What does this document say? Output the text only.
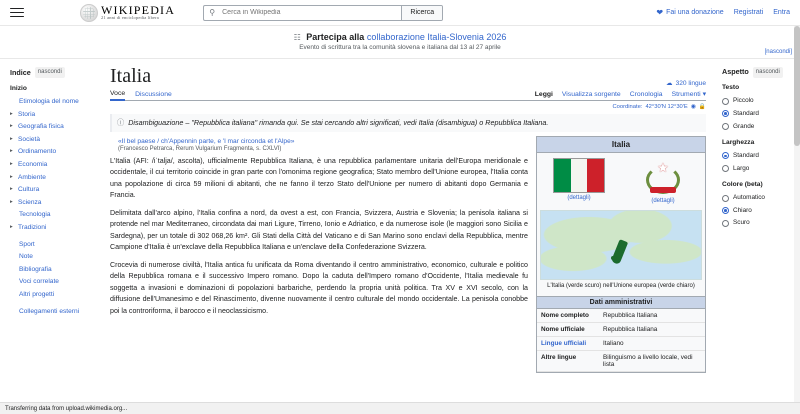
WIKIPEDIA
21 anni di enciclopedia libera
⚲
Cerca in Wikipedia	Ricerca	❤ Fai una donazione Registrati Entra
☷ Partecipa alla collaborazione Italia-Slovenia 2026
Evento di scrittura tra la comunità slovena e italiana dal 13 al 27 aprile
[nascondi]
Indice	nascondi
Inizio
Etimologia del nome
▸ Storia
▸ Geografia fisica
▸ Società
▸ Ordinamento
▸ Economia
▸ Ambiente
▸ Cultura
▸ Scienza
Tecnologia
▸ Tradizioni
Sport
Note
Bibliografia
Voci correlate
Altri progetti
Collegamenti esterni
Italia	☁ 320 lingue
Voce Discussione	Leggi Visualizza sorgente Cronologia Strumenti ▾
Coordinate: 42°30′N 12°30′E ◉ 🔒
ⓘ Disambiguazione – "Repubblica italiana" rimanda qui. Se stai cercando altri significati, vedi Italia (disambigua) o Repubblica Italiana.
«Il bel paese / ch'Appennin parte, e 'l mar circonda et l'Alpe»
(Francesco Petrarca, Rerum Vulgarium Fragmenta, s. CXLVI)

L'Italia (AFI: /iˈtalja/, ascolta), ufficialmente Repubblica Italiana, è una repubblica parlamentare unitaria dell'Europa meridionale e occidentale, il cui territorio coincide in gran parte con l'omonima regione geografica; Stato membro dell'Unione europea, l'Italia conta una popolazione di circa 59 milioni di abitanti, che ne fanno il terzo Stato dell'Unione per numero di abitanti dopo Germania e Francia.

Delimitata dall'arco alpino, l'Italia confina a nord, da ovest a est, con Francia, Svizzera, Austria e Slovenia; la penisola italiana si protende nel mar Mediterraneo, circondata dai mari Ligure, Tirreno, Ionio e Adriatico, e da numerose isole (le maggiori sono Sicilia e Sardegna), per un totale di 302 068,26 km². Gli Stati della Città del Vaticano e di San Marino sono enclavi della Repubblica, mentre Campione d'Italia è un'exclave della Repubblica Italiana e un'enclave della Confederazione Svizzera.

Crocevia di numerose civiltà, l'Italia antica fu unificata da Roma diventando il centro amministrativo, economico, culturale e politico della Repubblica romana e il successivo Impero romano. Dopo la caduta dell'Impero romano d'Occidente, l'Italia medievale fu soggetta a invasioni e dominazioni di popolazioni barbariche, perdendo la propria unità politica. Tra XV e XVI secolo, con la diffusione dell'Umanesimo e del Rinascimento, divenne nuovamente il centro culturale del mondo occidentale. La penisola conobbe poi la controriforma, il barocco e il neoclassicismo.

Italia
(dettagli)
★
(dettagli)
L'Italia (verde scuro) nell'Unione europea (verde chiaro)
Dati amministrativi
Nome completo	Repubblica Italiana
Nome ufficiale	Repubblica Italiana
Lingue ufficiali	Italiano
Altre lingue	Bilinguismo a livello locale, vedi lista
Aspetto	nascondi
Testo
Piccolo
Standard
Grande
Larghezza
Standard
Largo
Colore (beta)
Automatico
Chiaro
Scuro
Transferring data from upload.wikimedia.org...
